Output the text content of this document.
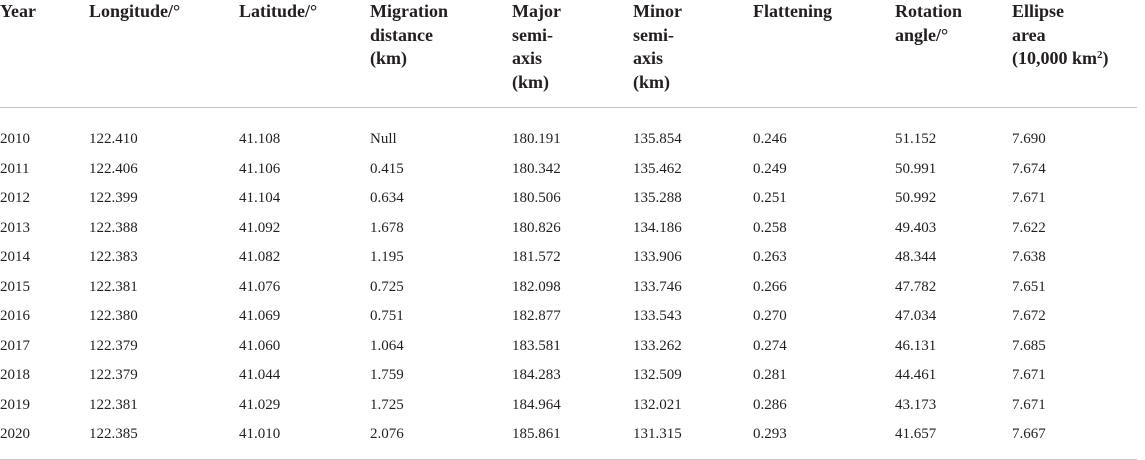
Year	Longitude/°	Latitude/°	Migration
distance
(km)	Major
semi-
axis
(km)	Minor
semi-
axis
(km)	Flattening	Rotation
angle/°	Ellipse
area
(10,000 $km^2$)

2010	122.410	41.108	Null	180.191	135.854	0.246	51.152	7.690
2011	122.406	41.106	0.415	180.342	135.462	0.249	50.991	7.674
2012	122.399	41.104	0.634	180.506	135.288	0.251	50.992	7.671
2013	122.388	41.092	1.678	180.826	134.186	0.258	49.403	7.622
2014	122.383	41.082	1.195	181.572	133.906	0.263	48.344	7.638
2015	122.381	41.076	0.725	182.098	133.746	0.266	47.782	7.651
2016	122.380	41.069	0.751	182.877	133.543	0.270	47.034	7.672
2017	122.379	41.060	1.064	183.581	133.262	0.274	46.131	7.685
2018	122.379	41.044	1.759	184.283	132.509	0.281	44.461	7.671
2019	122.381	41.029	1.725	184.964	132.021	0.286	43.173	7.671
2020	122.385	41.010	2.076	185.861	131.315	0.293	41.657	7.667
